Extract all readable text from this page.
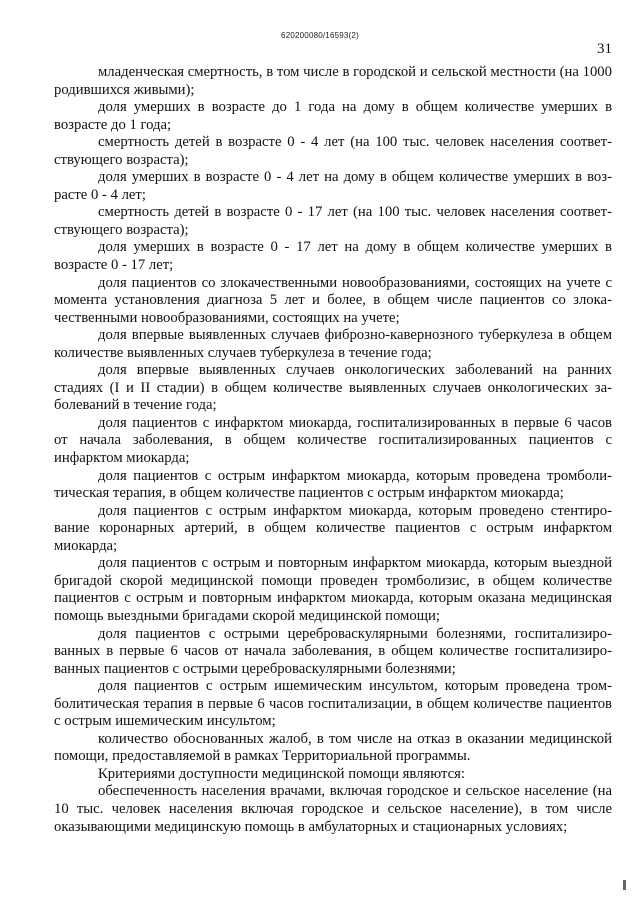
620200080/16593(2)
31

младенческая смертность, в том числе в городской и сельской местности (на 1000 родившихся живыми);

доля умерших в возрасте до 1 года на дому в общем количестве умерших в возрасте до 1 года;

смертность детей в возрасте 0 - 4 лет (на 100 тыс. человек населения соответствующего возраста);

доля умерших в возрасте 0 - 4 лет на дому в общем количестве умерших в возрасте 0 - 4 лет;

смертность детей в возрасте 0 - 17 лет (на 100 тыс. человек населения соответствующего возраста);

доля умерших в возрасте 0 - 17 лет на дому в общем количестве умерших в возрасте 0 - 17 лет;

доля пациентов со злокачественными новообразованиями, состоящих на учете с момента установления диагноза 5 лет и более, в общем числе пациентов со злокачественными новообразованиями, состоящих на учете;

доля впервые выявленных случаев фиброзно-кавернозного туберкулеза в общем количестве выявленных случаев туберкулеза в течение года;

доля впервые выявленных случаев онкологических заболеваний на ранних стадиях (I и II стадии) в общем количестве выявленных случаев онкологических заболеваний в течение года;

доля пациентов с инфарктом миокарда, госпитализированных в первые 6 часов от начала заболевания, в общем количестве госпитализированных пациентов с инфарктом миокарда;

доля пациентов с острым инфарктом миокарда, которым проведена тромболитическая терапия, в общем количестве пациентов с острым инфарктом миокарда;

доля пациентов с острым инфарктом миокарда, которым проведено стентирование коронарных артерий, в общем количестве пациентов с острым инфарктом миокарда;

доля пациентов с острым и повторным инфарктом миокарда, которым выездной бригадой скорой медицинской помощи проведен тромболизис, в общем количестве пациентов с острым и повторным инфарктом миокарда, которым оказана медицинская помощь выездными бригадами скорой медицинской помощи;

доля пациентов с острыми цереброваскулярными болезнями, госпитализированных в первые 6 часов от начала заболевания, в общем количестве госпитализированных пациентов с острыми цереброваскулярными болезнями;

доля пациентов с острым ишемическим инсультом, которым проведена тромболитическая терапия в первые 6 часов госпитализации, в общем количестве пациентов с острым ишемическим инсультом;

количество обоснованных жалоб, в том числе на отказ в оказании медицинской помощи, предоставляемой в рамках Территориальной программы.

Критериями доступности медицинской помощи являются:

обеспеченность населения врачами, включая городское и сельское население (на 10 тыс. человек населения включая городское и сельское население), в том числе оказывающими медицинскую помощь в амбулаторных и стационарных условиях;
